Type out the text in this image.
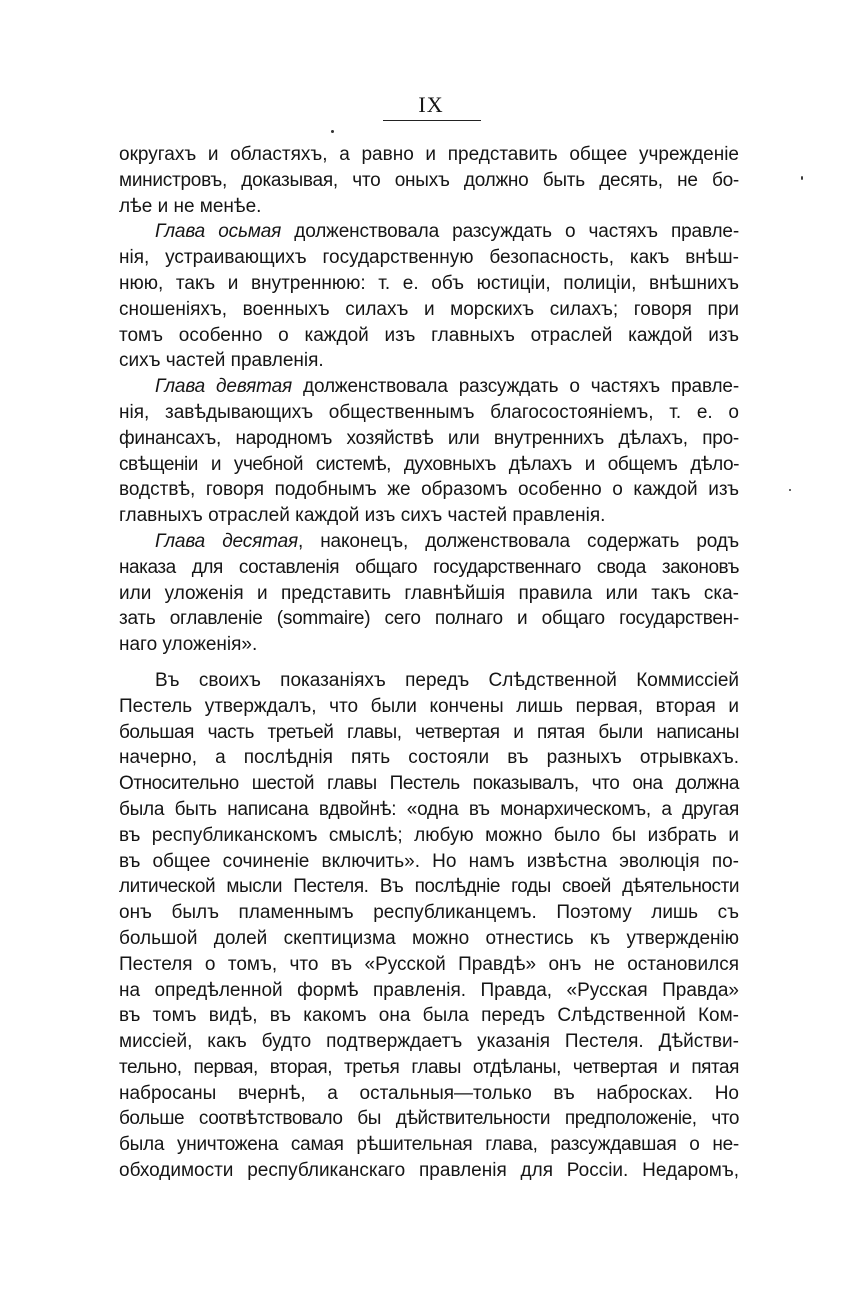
IX
округахъ и областяхъ, а равно и представить общее учрежденіе
министровъ, доказывая, что оныхъ должно быть десять, не бо-
лѣе и не менѣе.
Глава осьмая долженствовала разсуждать о частяхъ правле-
нія, устраивающихъ государственную безопасность, какъ внѣш-
нюю, такъ и внутреннюю: т. е. объ юстиціи, полиціи, внѣшнихъ
сношеніяхъ, военныхъ силахъ и морскихъ силахъ; говоря при
томъ особенно о каждой изъ главныхъ отраслей каждой изъ
сихъ частей правленія.
Глава девятая долженствовала разсуждать о частяхъ правле-
нія, завѣдывающихъ общественнымъ благосостояніемъ, т. е. о
финансахъ, народномъ хозяйствѣ или внутреннихъ дѣлахъ, про-
свѣщеніи и учебной системѣ, духовныхъ дѣлахъ и общемъ дѣло-
водствѣ, говоря подобнымъ же образомъ особенно о каждой изъ
главныхъ отраслей каждой изъ сихъ частей правленія.
Глава десятая, наконецъ, долженствовала содержать родъ
наказа для составленія общаго государственнаго свода законовъ
или уложенія и представить главнѣйшія правила или такъ ска-
зать оглавленіе (sommaire) сего полнаго и общаго государствен-
наго уложенія».
Въ своихъ показаніяхъ передъ Слѣдственной Коммиссіей
Пестель утверждалъ, что были кончены лишь первая, вторая и
большая часть третьей главы, четвертая и пятая были написаны
начерно, а послѣднія пять состояли въ разныхъ отрывкахъ.
Относительно шестой главы Пестель показывалъ, что она должна
была быть написана вдвойнѣ: «одна въ монархическомъ, а другая
въ республиканскомъ смыслѣ; любую можно было бы избрать и
въ общее сочиненіе включить». Но намъ извѣстна эволюція по-
литической мысли Пестеля. Въ послѣдніе годы своей дѣятельности
онъ былъ пламеннымъ республиканцемъ. Поэтому лишь съ
большой долей скептицизма можно отнестись къ утвержденію
Пестеля о томъ, что въ «Русской Правдѣ» онъ не остановился
на опредѣленной формѣ правленія. Правда, «Русская Правда»
въ томъ видѣ, въ какомъ она была передъ Слѣдственной Ком-
миссіей, какъ будто подтверждаетъ указанія Пестеля. Дѣйстви-
тельно, первая, вторая, третья главы отдѣланы, четвертая и пятая
набросаны вчернѣ, а остальныя—только въ набросках. Но
больше соотвѣтствовало бы дѣйствительности предположеніе, что
была уничтожена самая рѣшительная глава, разсуждавшая о не-
обходимости республиканскаго правленія для Россіи. Недаромъ,
